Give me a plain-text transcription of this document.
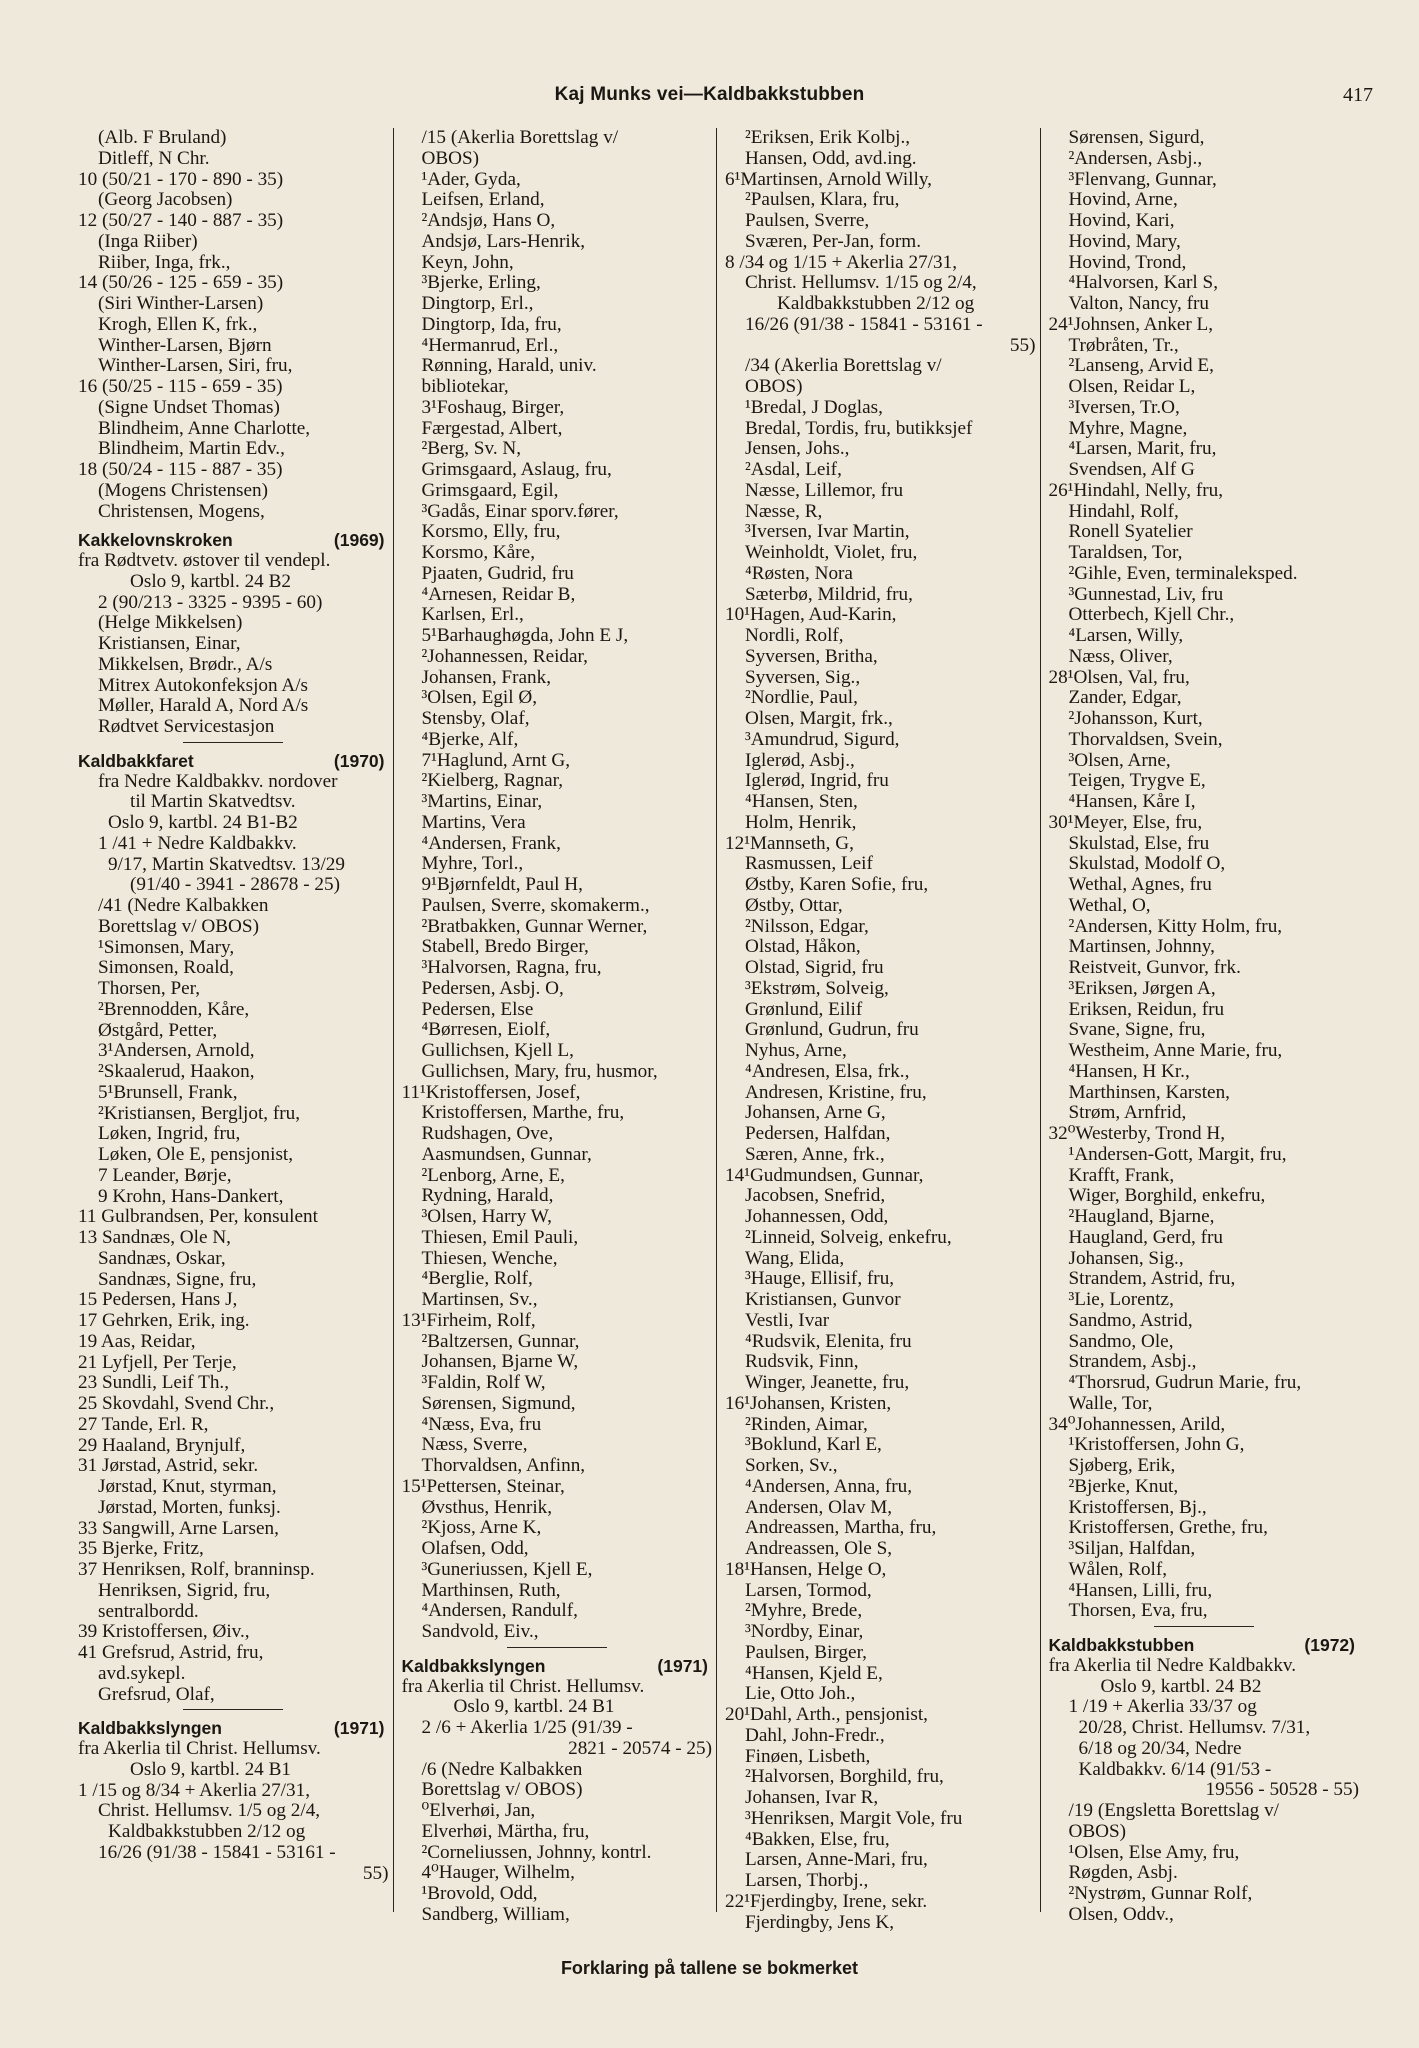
Kaj Munks vei—Kaldbakkstubben	417
(Alb. F Bruland)
Ditleff, N Chr.
10 (50/21 - 170 - 890 - 35)
(Georg Jacobsen)
12 (50/27 - 140 - 887 - 35)
(Inga Riiber)
Riiber, Inga, frk.,
14 (50/26 - 125 - 659 - 35)
(Siri Winther-Larsen)
Krogh, Ellen K, frk.,
Winther-Larsen, Bjørn
Winther-Larsen, Siri, fru,
16 (50/25 - 115 - 659 - 35)
(Signe Undset Thomas)
Blindheim, Anne Charlotte,
Blindheim, Martin Edv.,
18 (50/24 - 115 - 887 - 35)
(Mogens Christensen)
Christensen, Mogens,
Kakkelovnskroken	(1969)
fra Rødtvetv. østover til vendepl.
Oslo 9, kartbl. 24 B2
2 (90/213 - 3325 - 9395 - 60)
(Helge Mikkelsen)
Kristiansen, Einar,
Mikkelsen, Brødr., A/s
Mitrex Autokonfeksjon A/s
Møller, Harald A, Nord A/s
Rødtvet Servicestasjon
Kaldbakkfaret	(1970)
fra Nedre Kaldbakkv. nordover
til Martin Skatvedtsv.
Oslo 9, kartbl. 24 B1-B2
1 /41 + Nedre Kaldbakkv.
9/17, Martin Skatvedtsv. 13/29
(91/40 - 3941 - 28678 - 25)
/41 (Nedre Kalbakken
Borettslag v/ OBOS)
¹Simonsen, Mary,
Simonsen, Roald,
Thorsen, Per,
²Brennodden, Kåre,
Østgård, Petter,
3¹Andersen, Arnold,
²Skaalerud, Haakon,
5¹Brunsell, Frank,
²Kristiansen, Bergljot, fru,
Løken, Ingrid, fru,
Løken, Ole E, pensjonist,
7 Leander, Børje,
9 Krohn, Hans-Dankert,
11 Gulbrandsen, Per, konsulent
13 Sandnæs, Ole N,
Sandnæs, Oskar,
Sandnæs, Signe, fru,
15 Pedersen, Hans J,
17 Gehrken, Erik, ing.
19 Aas, Reidar,
21 Lyfjell, Per Terje,
23 Sundli, Leif Th.,
25 Skovdahl, Svend Chr.,
27 Tande, Erl. R,
29 Haaland, Brynjulf,
31 Jørstad, Astrid, sekr.
Jørstad, Knut, styrman,
Jørstad, Morten, funksj.
33 Sangwill, Arne Larsen,
35 Bjerke, Fritz,
37 Henriksen, Rolf, branninsp.
Henriksen, Sigrid, fru,
sentralbordd.
39 Kristoffersen, Øiv.,
41 Grefsrud, Astrid, fru,
avd.sykepl.
Grefsrud, Olaf,
Kaldbakkslyngen	(1971)
fra Akerlia til Christ. Hellumsv.
Oslo 9, kartbl. 24 B1
1 /15 og 8/34 + Akerlia 27/31,
Christ. Hellumsv. 1/5 og 2/4,
Kaldbakkstubben 2/12 og
16/26 (91/38 - 15841 - 53161 -
55)
/15 (Akerlia Borettslag v/
OBOS)
¹Ader, Gyda,
Leifsen, Erland,
²Andsjø, Hans O,
Andsjø, Lars-Henrik,
Keyn, John,
³Bjerke, Erling,
Dingtorp, Erl.,
Dingtorp, Ida, fru,
⁴Hermanrud, Erl.,
Rønning, Harald, univ.
bibliotekar,
3¹Foshaug, Birger,
Færgestad, Albert,
²Berg, Sv. N,
Grimsgaard, Aslaug, fru,
Grimsgaard, Egil,
³Gadås, Einar sporv.fører,
Korsmo, Elly, fru,
Korsmo, Kåre,
Pjaaten, Gudrid, fru
⁴Arnesen, Reidar B,
Karlsen, Erl.,
5¹Barhaughøgda, John E J,
²Johannessen, Reidar,
Johansen, Frank,
³Olsen, Egil Ø,
Stensby, Olaf,
⁴Bjerke, Alf,
7¹Haglund, Arnt G,
²Kielberg, Ragnar,
³Martins, Einar,
Martins, Vera
⁴Andersen, Frank,
Myhre, Torl.,
9¹Bjørnfeldt, Paul H,
Paulsen, Sverre, skomakerm.,
²Bratbakken, Gunnar Werner,
Stabell, Bredo Birger,
³Halvorsen, Ragna, fru,
Pedersen, Asbj. O,
Pedersen, Else
⁴Børresen, Eiolf,
Gullichsen, Kjell L,
Gullichsen, Mary, fru, husmor,
11¹Kristoffersen, Josef,
Kristoffersen, Marthe, fru,
Rudshagen, Ove,
Aasmundsen, Gunnar,
²Lenborg, Arne, E,
Rydning, Harald,
³Olsen, Harry W,
Thiesen, Emil Pauli,
Thiesen, Wenche,
⁴Berglie, Rolf,
Martinsen, Sv.,
13¹Firheim, Rolf,
²Baltzersen, Gunnar,
Johansen, Bjarne W,
³Faldin, Rolf W,
Sørensen, Sigmund,
⁴Næss, Eva, fru
Næss, Sverre,
Thorvaldsen, Anfinn,
15¹Pettersen, Steinar,
Øvsthus, Henrik,
²Kjoss, Arne K,
Olafsen, Odd,
³Guneriussen, Kjell E,
Marthinsen, Ruth,
⁴Andersen, Randulf,
Sandvold, Eiv.,
Kaldbakkslyngen	(1971)
fra Akerlia til Christ. Hellumsv.
Oslo 9, kartbl. 24 B1
2 /6 + Akerlia 1/25 (91/39 -
2821 - 20574 - 25)
/6 (Nedre Kalbakken
Borettslag v/ OBOS)
⁰Elverhøi, Jan,
Elverhøi, Märtha, fru,
²Corneliussen, Johnny, kontrl.
4⁰Hauger, Wilhelm,
¹Brovold, Odd,
Sandberg, William,
²Eriksen, Erik Kolbj.,
Hansen, Odd, avd.ing.
6¹Martinsen, Arnold Willy,
²Paulsen, Klara, fru,
Paulsen, Sverre,
Sværen, Per-Jan, form.
8 /34 og 1/15 + Akerlia 27/31,
Christ. Hellumsv. 1/15 og 2/4,
Kaldbakkstubben 2/12 og
16/26 (91/38 - 15841 - 53161 -
55)
/34 (Akerlia Borettslag v/
OBOS)
¹Bredal, J Doglas,
Bredal, Tordis, fru, butikksjef
Jensen, Johs.,
²Asdal, Leif,
Næsse, Lillemor, fru
Næsse, R,
³Iversen, Ivar Martin,
Weinholdt, Violet, fru,
⁴Røsten, Nora
Sæterbø, Mildrid, fru,
10¹Hagen, Aud-Karin,
Nordli, Rolf,
Syversen, Britha,
Syversen, Sig.,
²Nordlie, Paul,
Olsen, Margit, frk.,
³Amundrud, Sigurd,
Iglerød, Asbj.,
Iglerød, Ingrid, fru
⁴Hansen, Sten,
Holm, Henrik,
12¹Mannseth, G,
Rasmussen, Leif
Østby, Karen Sofie, fru,
Østby, Ottar,
²Nilsson, Edgar,
Olstad, Håkon,
Olstad, Sigrid, fru
³Ekstrøm, Solveig,
Grønlund, Eilif
Grønlund, Gudrun, fru
Nyhus, Arne,
⁴Andresen, Elsa, frk.,
Andresen, Kristine, fru,
Johansen, Arne G,
Pedersen, Halfdan,
Særen, Anne, frk.,
14¹Gudmundsen, Gunnar,
Jacobsen, Snefrid,
Johannessen, Odd,
²Linneid, Solveig, enkefru,
Wang, Elida,
³Hauge, Ellisif, fru,
Kristiansen, Gunvor
Vestli, Ivar
⁴Rudsvik, Elenita, fru
Rudsvik, Finn,
Winger, Jeanette, fru,
16¹Johansen, Kristen,
²Rinden, Aimar,
³Boklund, Karl E,
Sorken, Sv.,
⁴Andersen, Anna, fru,
Andersen, Olav M,
Andreassen, Martha, fru,
Andreassen, Ole S,
18¹Hansen, Helge O,
Larsen, Tormod,
²Myhre, Brede,
³Nordby, Einar,
Paulsen, Birger,
⁴Hansen, Kjeld E,
Lie, Otto Joh.,
20¹Dahl, Arth., pensjonist,
Dahl, John-Fredr.,
Finøen, Lisbeth,
²Halvorsen, Borghild, fru,
Johansen, Ivar R,
³Henriksen, Margit Vole, fru
⁴Bakken, Else, fru,
Larsen, Anne-Mari, fru,
Larsen, Thorbj.,
22¹Fjerdingby, Irene, sekr.
Fjerdingby, Jens K,
Sørensen, Sigurd,
²Andersen, Asbj.,
³Flenvang, Gunnar,
Hovind, Arne,
Hovind, Kari,
Hovind, Mary,
Hovind, Trond,
⁴Halvorsen, Karl S,
Valton, Nancy, fru
24¹Johnsen, Anker L,
Trøbråten, Tr.,
²Lanseng, Arvid E,
Olsen, Reidar L,
³Iversen, Tr.O,
Myhre, Magne,
⁴Larsen, Marit, fru,
Svendsen, Alf G
26¹Hindahl, Nelly, fru,
Hindahl, Rolf,
Ronell Syatelier
Taraldsen, Tor,
²Gihle, Even, terminaleksped.
³Gunnestad, Liv, fru
Otterbech, Kjell Chr.,
⁴Larsen, Willy,
Næss, Oliver,
28¹Olsen, Val, fru,
Zander, Edgar,
²Johansson, Kurt,
Thorvaldsen, Svein,
³Olsen, Arne,
Teigen, Trygve E,
⁴Hansen, Kåre I,
30¹Meyer, Else, fru,
Skulstad, Else, fru
Skulstad, Modolf O,
Wethal, Agnes, fru
Wethal, O,
²Andersen, Kitty Holm, fru,
Martinsen, Johnny,
Reistveit, Gunvor, frk.
³Eriksen, Jørgen A,
Eriksen, Reidun, fru
Svane, Signe, fru,
Westheim, Anne Marie, fru,
⁴Hansen, H Kr.,
Marthinsen, Karsten,
Strøm, Arnfrid,
32⁰Westerby, Trond H,
¹Andersen-Gott, Margit, fru,
Krafft, Frank,
Wiger, Borghild, enkefru,
²Haugland, Bjarne,
Haugland, Gerd, fru
Johansen, Sig.,
Strandem, Astrid, fru,
³Lie, Lorentz,
Sandmo, Astrid,
Sandmo, Ole,
Strandem, Asbj.,
⁴Thorsrud, Gudrun Marie, fru,
Walle, Tor,
34⁰Johannessen, Arild,
¹Kristoffersen, John G,
Sjøberg, Erik,
²Bjerke, Knut,
Kristoffersen, Bj.,
Kristoffersen, Grethe, fru,
³Siljan, Halfdan,
Wålen, Rolf,
⁴Hansen, Lilli, fru,
Thorsen, Eva, fru,
Kaldbakkstubben	(1972)
fra Akerlia til Nedre Kaldbakkv.
Oslo 9, kartbl. 24 B2
1 /19 + Akerlia 33/37 og
20/28, Christ. Hellumsv. 7/31,
6/18 og 20/34, Nedre
Kaldbakkv. 6/14 (91/53 -
19556 - 50528 - 55)
/19 (Engsletta Borettslag v/
OBOS)
¹Olsen, Else Amy, fru,
Røgden, Asbj.
²Nystrøm, Gunnar Rolf,
Olsen, Oddv.,
Forklaring på tallene se bokmerket
